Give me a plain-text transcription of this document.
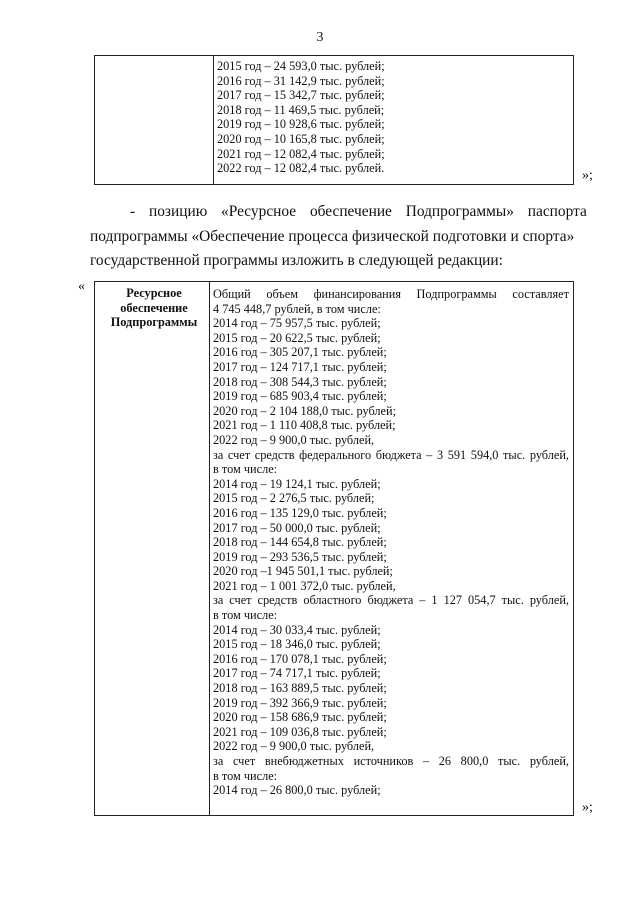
3
2015 год – 24 593,0 тыс. рублей;
2016 год – 31 142,9 тыс. рублей;
2017 год – 15 342,7 тыс. рублей;
2018 год – 11 469,5 тыс. рублей;
2019 год – 10 928,6 тыс. рублей;
2020 год – 10 165,8 тыс. рублей;
2021 год – 12 082,4 тыс. рублей;
2022 год – 12 082,4 тыс. рублей.	»;
- позицию «Ресурсное обеспечение Подпрограммы» паспорта
подпрограммы «Обеспечение процесса физической подготовки и спорта»
государственной программы изложить в следующей редакции:
«	Ресурсное
обеспечение
Подпрограммы
Общий объем финансирования Подпрограммы составляет
4 745 448,7 рублей, в том числе:
2014 год – 75 957,5 тыс. рублей;
2015 год – 20 622,5 тыс. рублей;
2016 год – 305 207,1 тыс. рублей;
2017 год – 124 717,1 тыс. рублей;
2018 год – 308 544,3 тыс. рублей;
2019 год – 685 903,4 тыс. рублей;
2020 год – 2 104 188,0 тыс. рублей;
2021 год – 1 110 408,8 тыс. рублей;
2022 год – 9 900,0 тыс. рублей,
за счет средств федерального бюджета – 3 591 594,0 тыс. рублей,
в том числе:
2014 год – 19 124,1 тыс. рублей;
2015 год – 2 276,5 тыс. рублей;
2016 год – 135 129,0 тыс. рублей;
2017 год – 50 000,0 тыс. рублей;
2018 год – 144 654,8 тыс. рублей;
2019 год – 293 536,5 тыс. рублей;
2020 год –1 945 501,1 тыс. рублей;
2021 год – 1 001 372,0 тыс. рублей,
за счет средств областного бюджета – 1 127 054,7 тыс. рублей,
в том числе:
2014 год – 30 033,4 тыс. рублей;
2015 год – 18 346,0 тыс. рублей;
2016 год – 170 078,1 тыс. рублей;
2017 год – 74 717,1 тыс. рублей;
2018 год – 163 889,5 тыс. рублей;
2019 год – 392 366,9 тыс. рублей;
2020 год – 158 686,9 тыс. рублей;
2021 год – 109 036,8 тыс. рублей;
2022 год – 9 900,0 тыс. рублей,
за счет внебюджетных источников – 26 800,0 тыс. рублей,
в том числе:
2014 год – 26 800,0 тыс. рублей;
»;
